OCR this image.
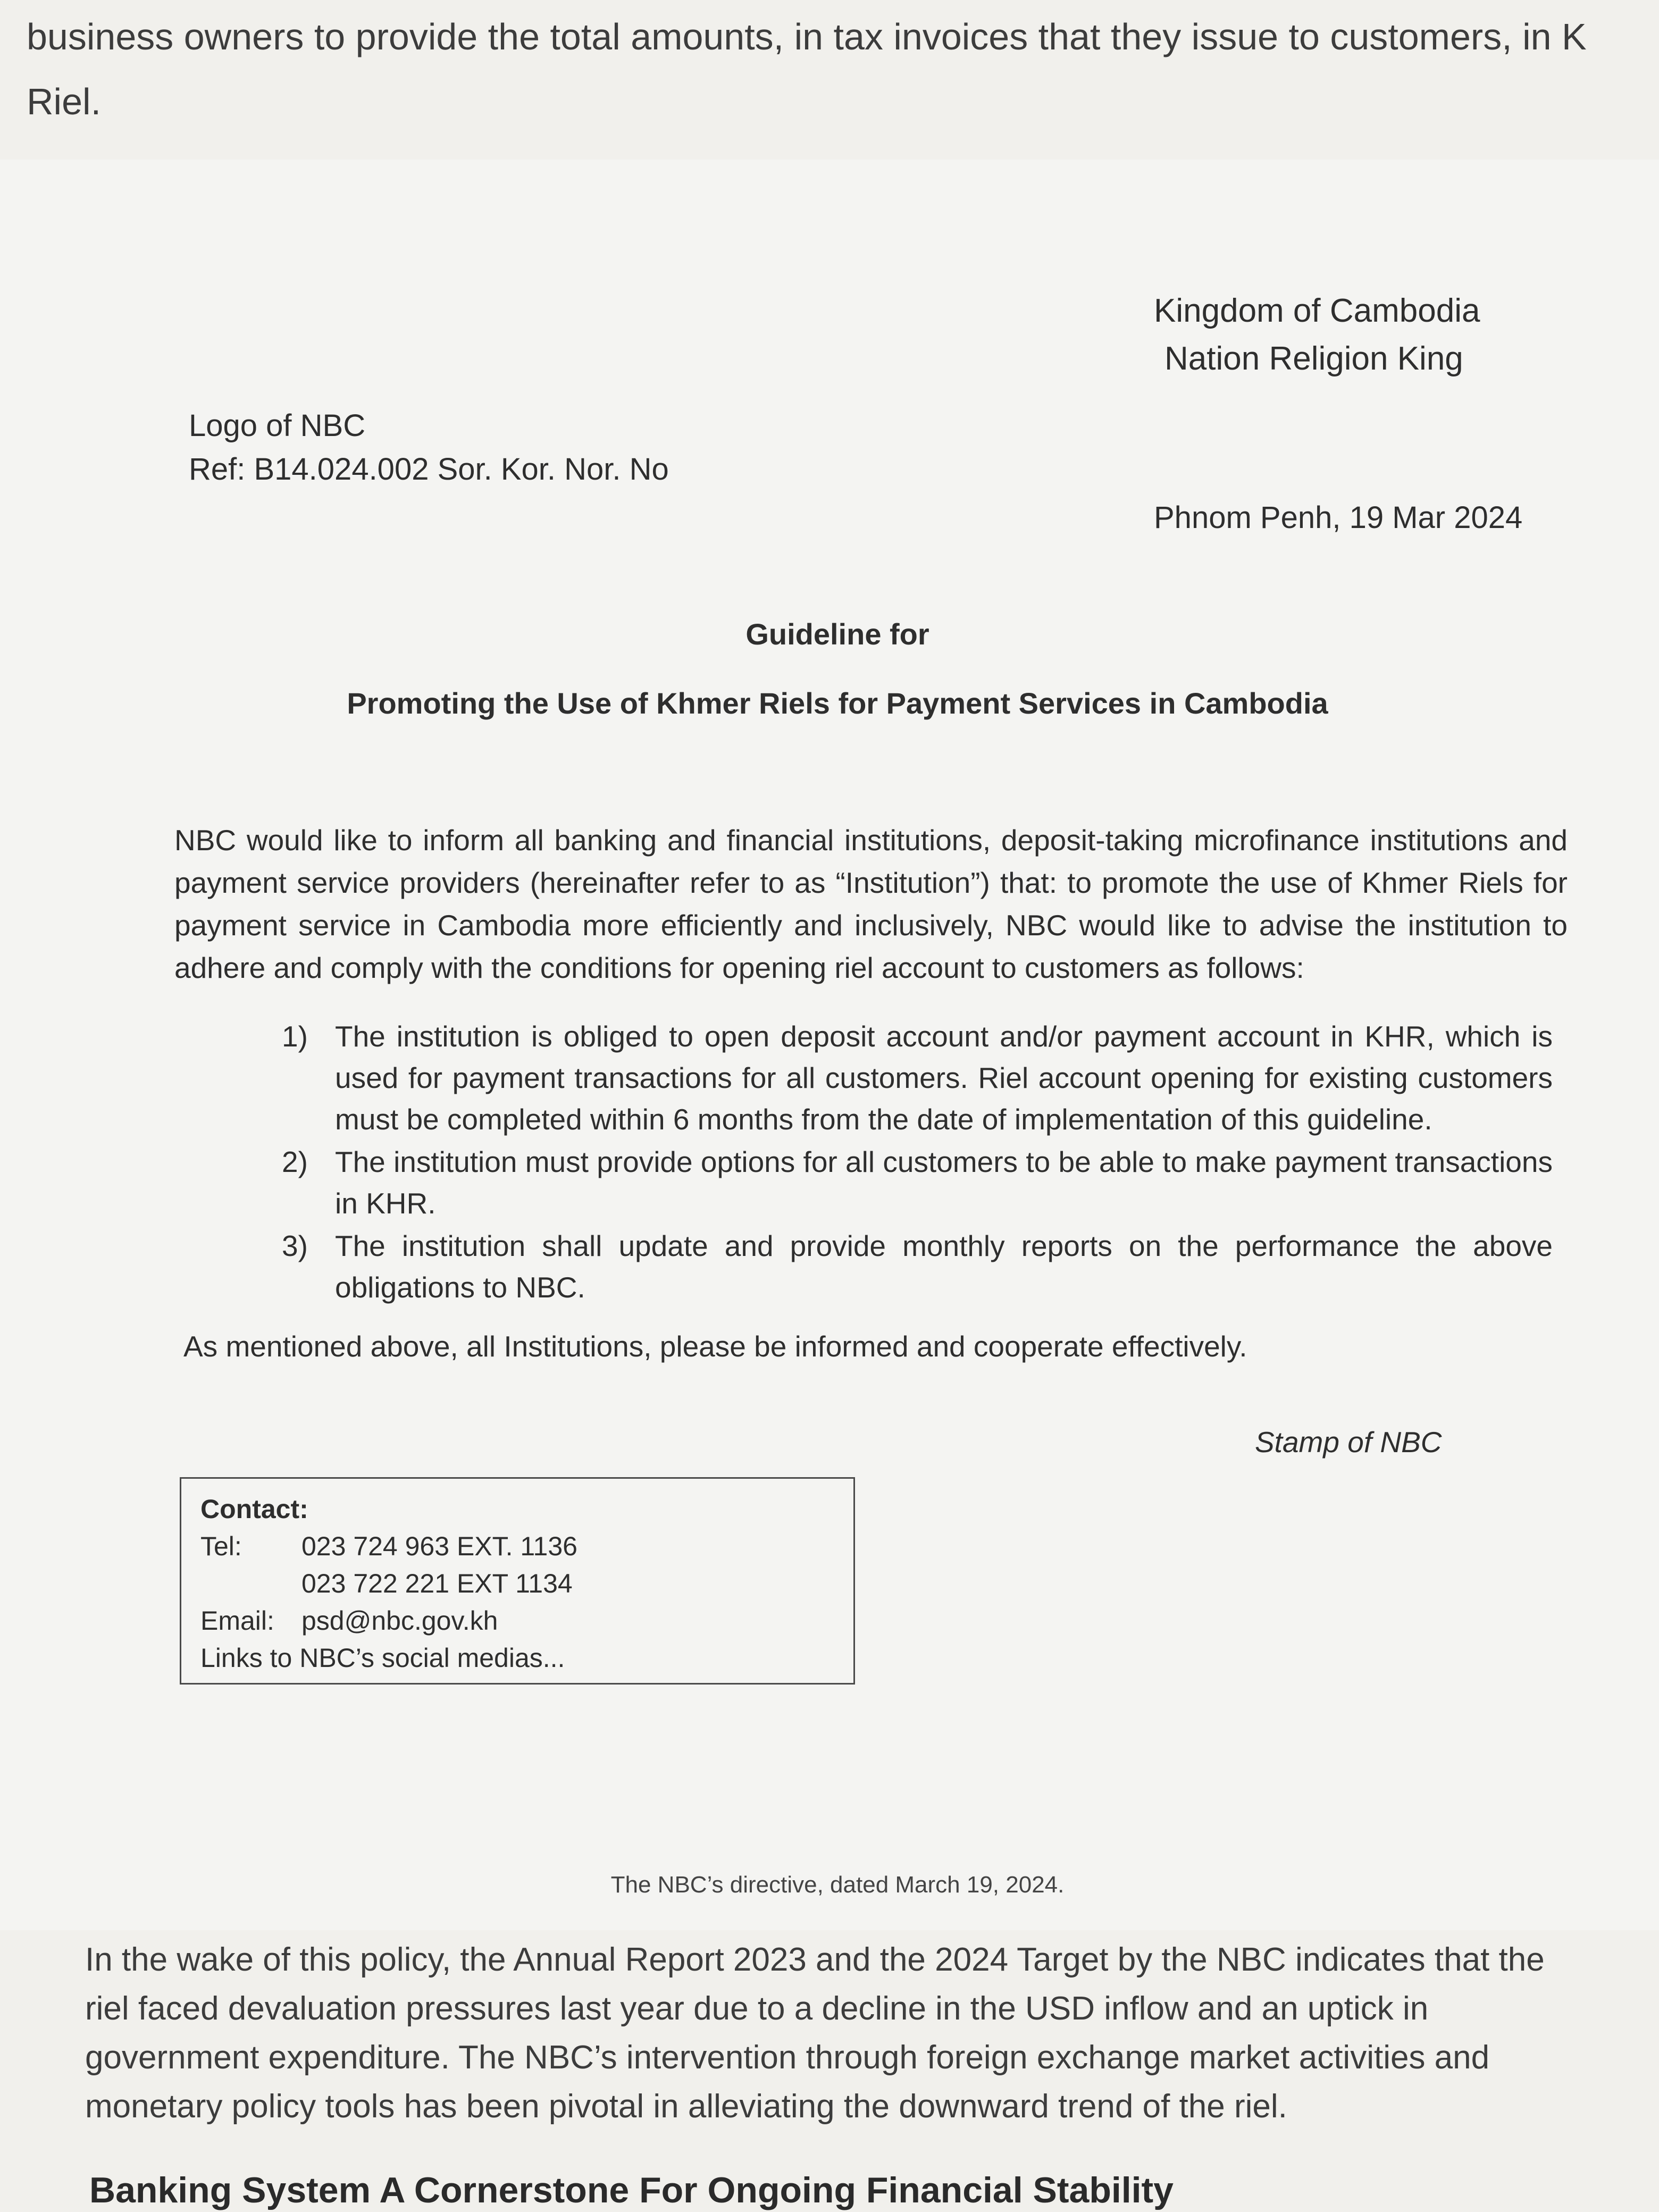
business owners to provide the total amounts, in tax invoices that they issue to customers, in K
Riel.
Kingdom of Cambodia
Nation Religion King
Logo of NBC
Ref: B14.024.002 Sor. Kor. Nor. No
Phnom Penh, 19 Mar 2024
Guideline for
Promoting the Use of Khmer Riels for Payment Services in Cambodia
NBC would like to inform all banking and financial institutions, deposit-taking microfinance institutions and payment service providers (hereinafter refer to as “Institution”) that: to promote the use of Khmer Riels for payment service in Cambodia more efficiently and inclusively, NBC would like to advise the institution to adhere and comply with the conditions for opening riel account to customers as follows:
1) The institution is obliged to open deposit account and/or payment account in KHR, which is used for payment transactions for all customers. Riel account opening for existing customers must be completed within 6 months from the date of implementation of this guideline.
2) The institution must provide options for all customers to be able to make payment transactions in KHR.
3) The institution shall update and provide monthly reports on the performance the above obligations to NBC.
As mentioned above, all Institutions, please be informed and cooperate effectively.
Stamp of NBC
Contact:
Tel:	023 724 963 EXT. 1136
023 722 221 EXT 1134
Email:	psd@nbc.gov.kh
Links to NBC’s social medias...
The NBC’s directive, dated March 19, 2024.
In the wake of this policy, the Annual Report 2023 and the 2024 Target by the NBC indicates that the
riel faced devaluation pressures last year due to a decline in the USD inflow and an uptick in
government expenditure. The NBC’s intervention through foreign exchange market activities and
monetary policy tools has been pivotal in alleviating the downward trend of the riel.
Banking System A Cornerstone For Ongoing Financial Stability
